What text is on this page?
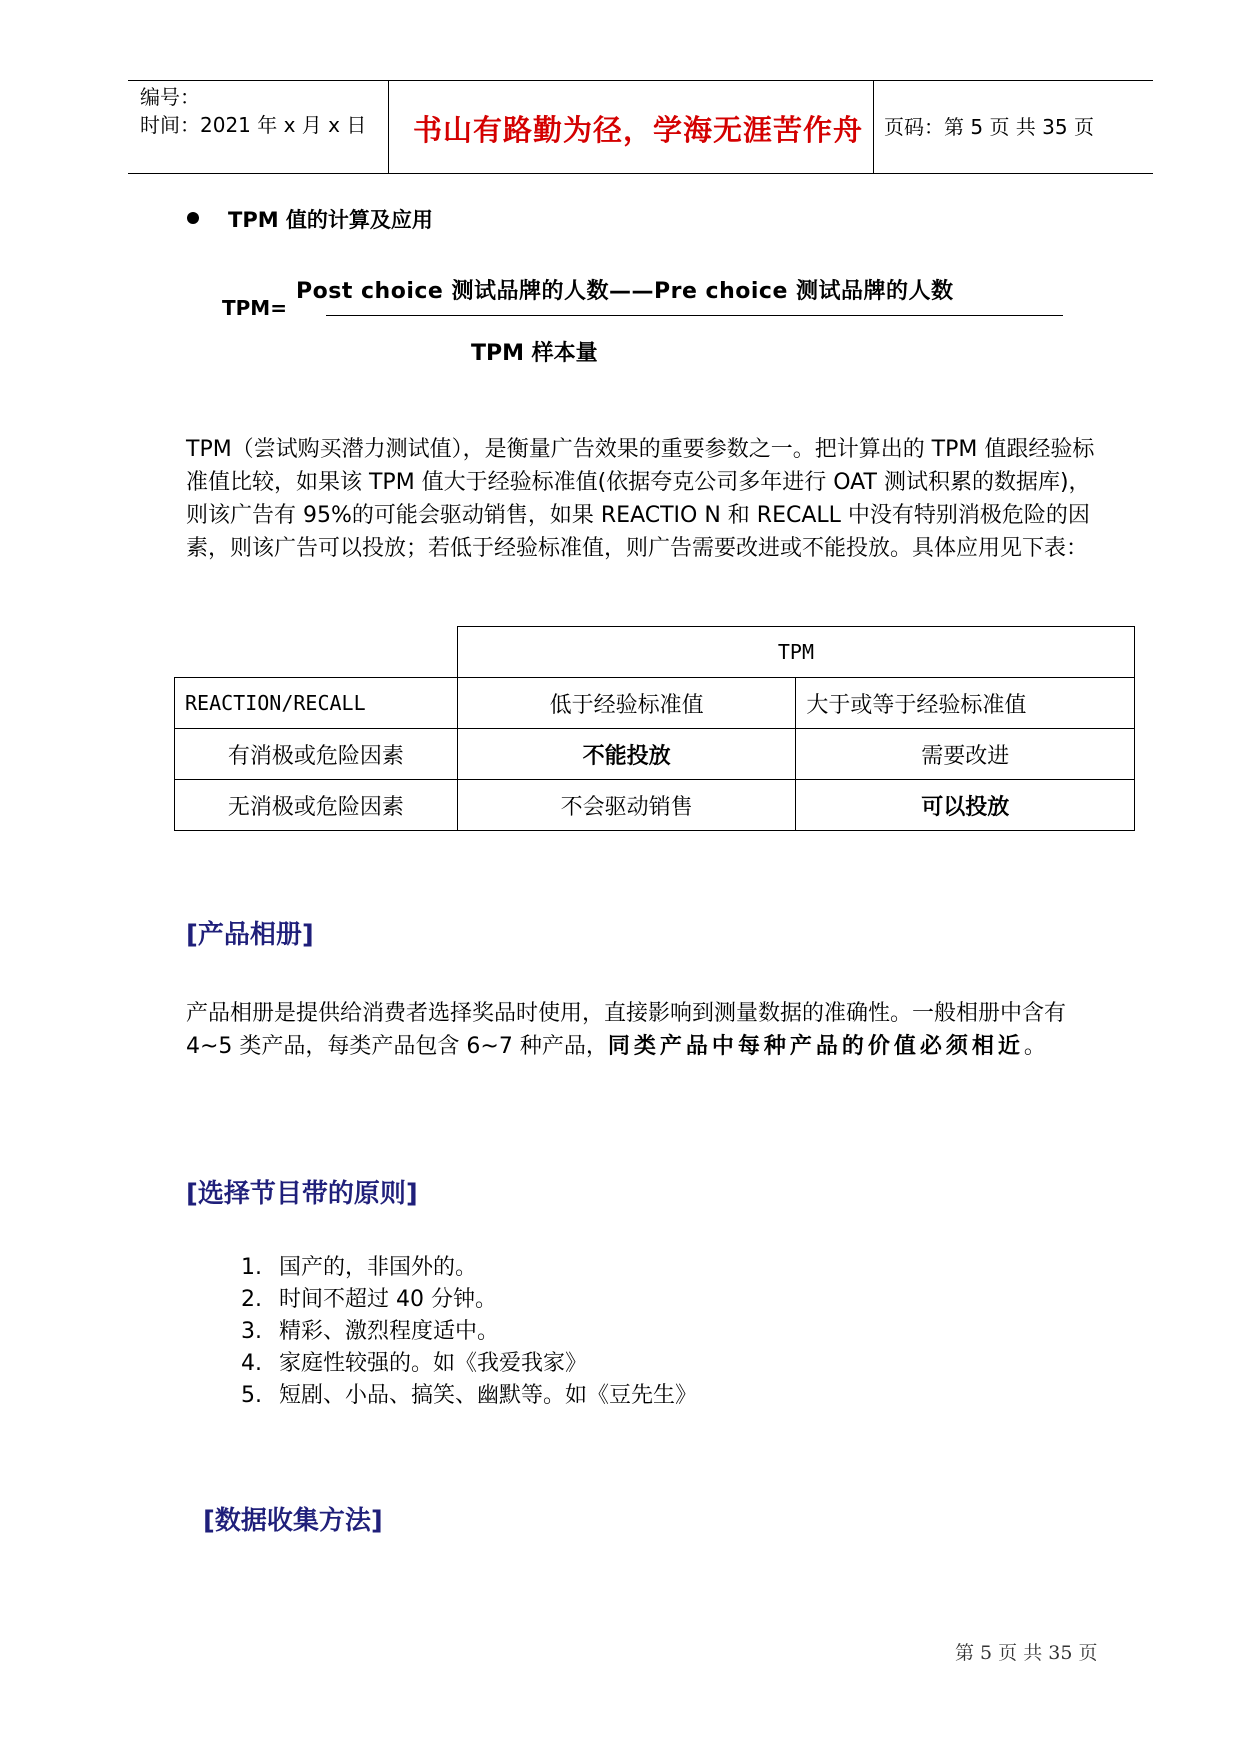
编号：
时间：2021 年 x 月 x 日 书山有路勤为径，学海无涯苦作舟 页码：第 5 页 共 35 页
TPM 值的计算及应用
TPM=
Post choice 测试品牌的人数——Pre choice 测试品牌的人数
TPM 样本量
TPM（尝试购买潜力测试值），是衡量广告效果的重要参数之一。把计算出的 TPM 值跟经验标准值比较，如果该 TPM 值大于经验标准值(依据夸克公司多年进行 OAT 测试积累的数据库)，则该广告有 95%的可能会驱动销售，如果 REACTIO N 和 RECALL 中没有特别消极危险的因素，则该广告可以投放；若低于经验标准值，则广告需要改进或不能投放。具体应用见下表：
	TPM	
REACTION/RECALL	低于经验标准值	大于或等于经验标准值
有消极或危险因素	不能投放	需要改进
无消极或危险因素	不会驱动销售	可以投放
[产品相册]
产品相册是提供给消费者选择奖品时使用，直接影响到测量数据的准确性。一般相册中含有 4~5 类产品，每类产品包含 6~7 种产品，同类产品中每种产品的价值必须相近。
[选择节目带的原则]
1. 国产的，非国外的。
2. 时间不超过 40 分钟。
3. 精彩、激烈程度适中。
4. 家庭性较强的。如《我爱我家》
5. 短剧、小品、搞笑、幽默等。如《豆先生》
[数据收集方法]
第 5 页 共 35 页
